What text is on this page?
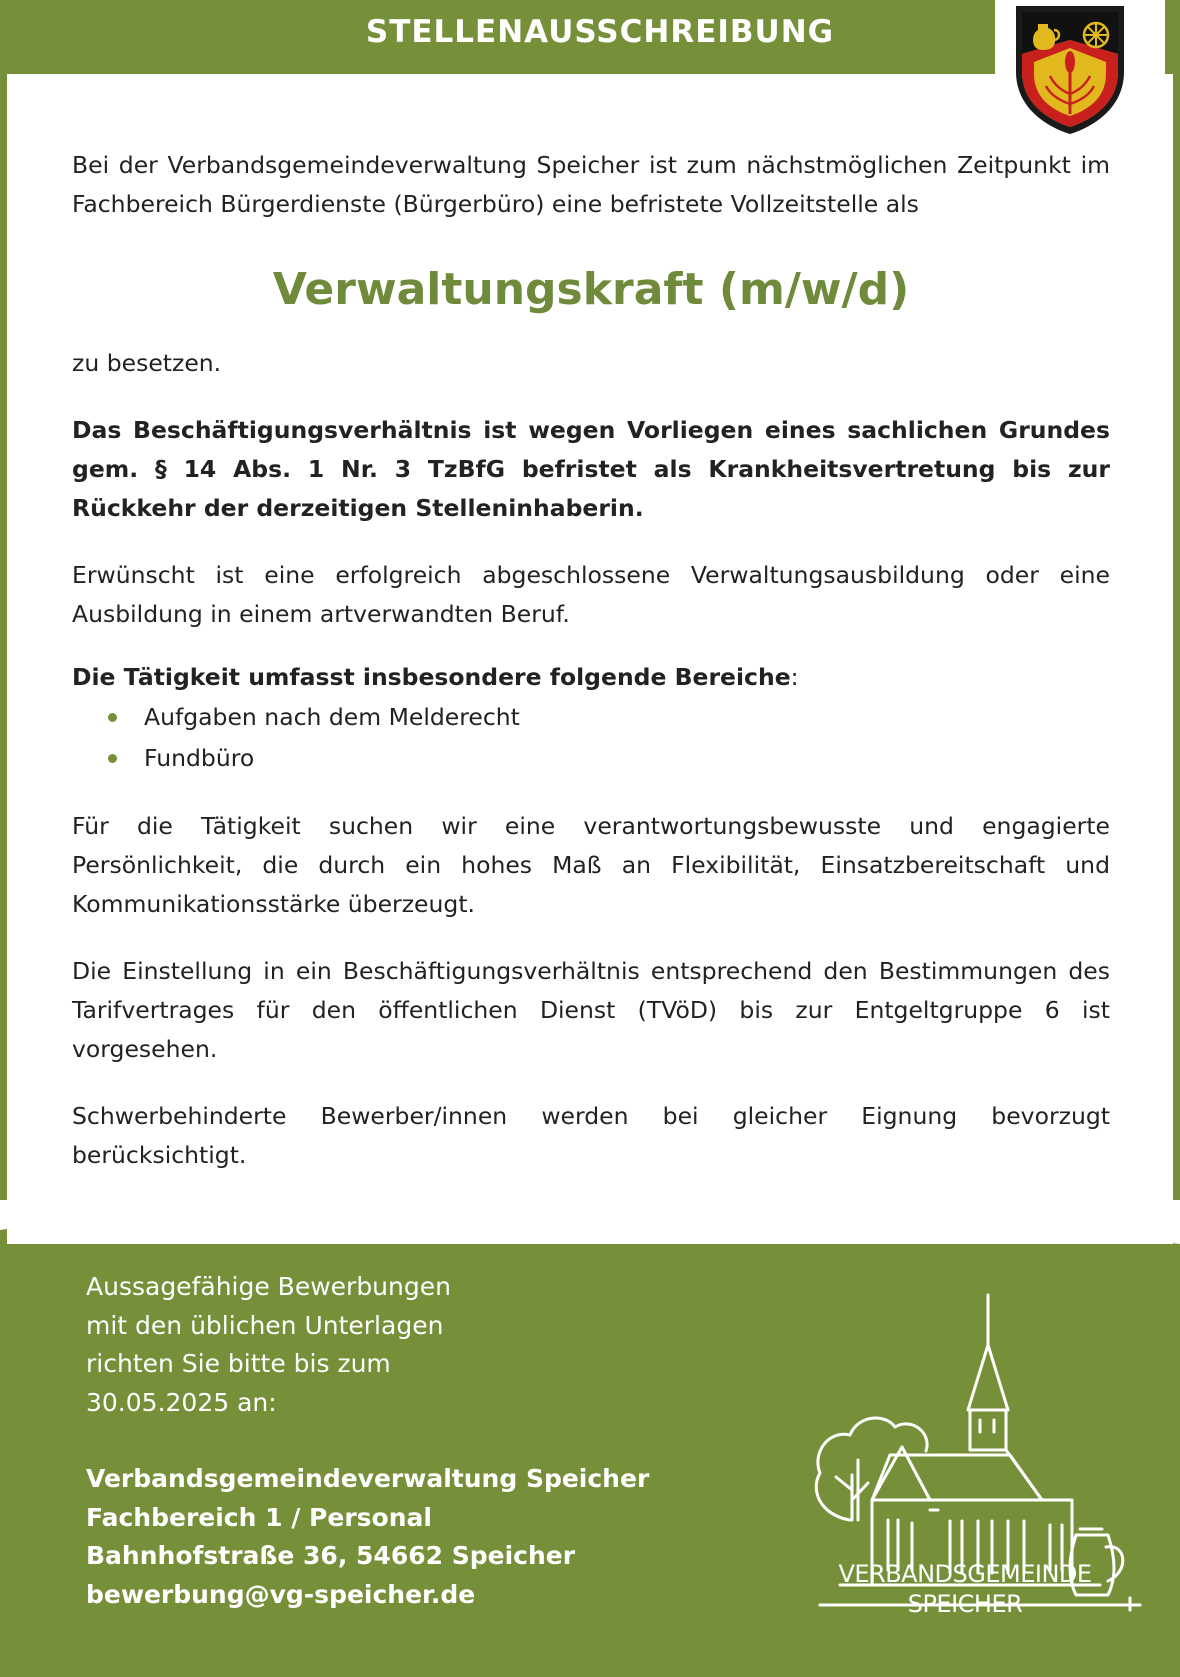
STELLENAUSSCHREIBUNG

Bei der Verbandsgemeindeverwaltung Speicher ist zum nächstmöglichen Zeitpunkt im Fachbereich Bürgerdienste (Bürgerbüro) eine befristete Vollzeitstelle als

Verwaltungskraft (m/w/d)

zu besetzen.

Das Beschäftigungsverhältnis ist wegen Vorliegen eines sachlichen Grundes gem. § 14 Abs. 1 Nr. 3 TzBfG befristet als Krankheitsvertretung bis zur Rückkehr der derzeitigen Stelleninhaberin.

Erwünscht ist eine erfolgreich abgeschlossene Verwaltungsausbildung oder eine Ausbildung in einem artverwandten Beruf.

Die Tätigkeit umfasst insbesondere folgende Bereiche:

Aufgaben nach dem Melderecht
Fundbüro

Für die Tätigkeit suchen wir eine verantwortungsbewusste und engagierte Persönlichkeit, die durch ein hohes Maß an Flexibilität, Einsatzbereitschaft und Kommunikationsstärke überzeugt.

Die Einstellung in ein Beschäftigungsverhältnis entsprechend den Bestimmungen des Tarifvertrages für den öffentlichen Dienst (TVöD) bis zur Entgeltgruppe 6 ist vorgesehen.

Schwerbehinderte Bewerber/innen werden bei gleicher Eignung bevorzugt berücksichtigt.

Aussagefähige Bewerbungen

mit den üblichen Unterlagen

richten Sie bitte bis zum

30.05.2025 an:

Verbandsgemeindeverwaltung Speicher

Fachbereich 1 / Personal

Bahnhofstraße 36, 54662 Speicher

bewerbung@vg-speicher.de

VERBANDSGEMEINDE
SPEICHER
